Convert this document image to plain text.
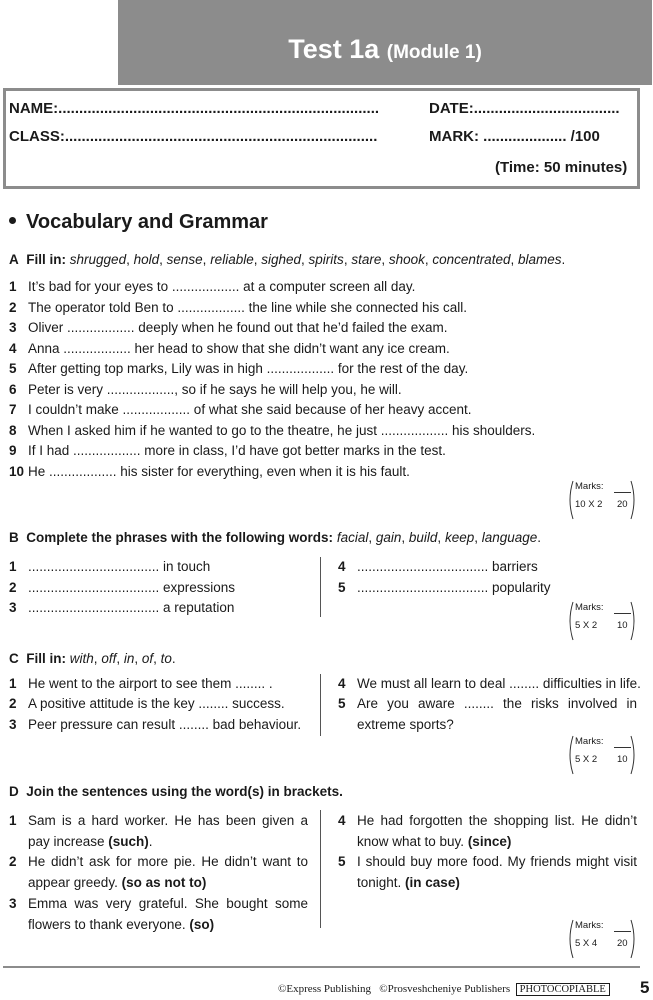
Test 1a (Module 1)
NAME:.............................................................................	DATE:...................................
CLASS:...........................................................................	MARK: .................... /100
(Time: 50 minutes)
Vocabulary and Grammar
A Fill in: shrugged, hold, sense, reliable, sighed, spirits, stare, shook, concentrated, blames.
1 It’s bad for your eyes to .................. at a computer screen all day.
2 The operator told Ben to .................. the line while she connected his call.
3 Oliver .................. deeply when he found out that he’d failed the exam.
4 Anna .................. her head to show that she didn’t want any ice cream.
5 After getting top marks, Lily was in high .................. for the rest of the day.
6 Peter is very .................., so if he says he will help you, he will.
7 I couldn’t make .................. of what she said because of her heavy accent.
8 When I asked him if he wanted to go to the theatre, he just .................. his shoulders.
9 If I had .................. more in class, I’d have got better marks in the test.
10 He .................. his sister for everything, even when it is his fault.
Marks:
10 X 2 20
B Complete the phrases with the following words: facial, gain, build, keep, language.
1 ................................... in touch
2 ................................... expressions
3 ................................... a reputation
4 ................................... barriers
5 ................................... popularity
Marks:
5 X 2 10
C Fill in: with, off, in, of, to.
1 He went to the airport to see them ........ .
2 A positive attitude is the key ........ success.
3 Peer pressure can result ........ bad behaviour.
4 We must all learn to deal ........ difficulties in life.
5 Are you aware ........ the risks involved in extreme sports?
Marks:
5 X 2 10
D Join the sentences using the word(s) in brackets.
1 Sam is a hard worker. He has been given a pay increase (such).
2 He didn’t ask for more pie. He didn’t want to appear greedy. (so as not to)
3 Emma was very grateful. She bought some flowers to thank everyone. (so)
4 He had forgotten the shopping list. He didn’t know what to buy. (since)
5 I should buy more food. My friends might visit tonight. (in case)
Marks:
5 X 4 20
©Express Publishing ©Prosveshcheniye Publishers PHOTOCOPIABLE 5
